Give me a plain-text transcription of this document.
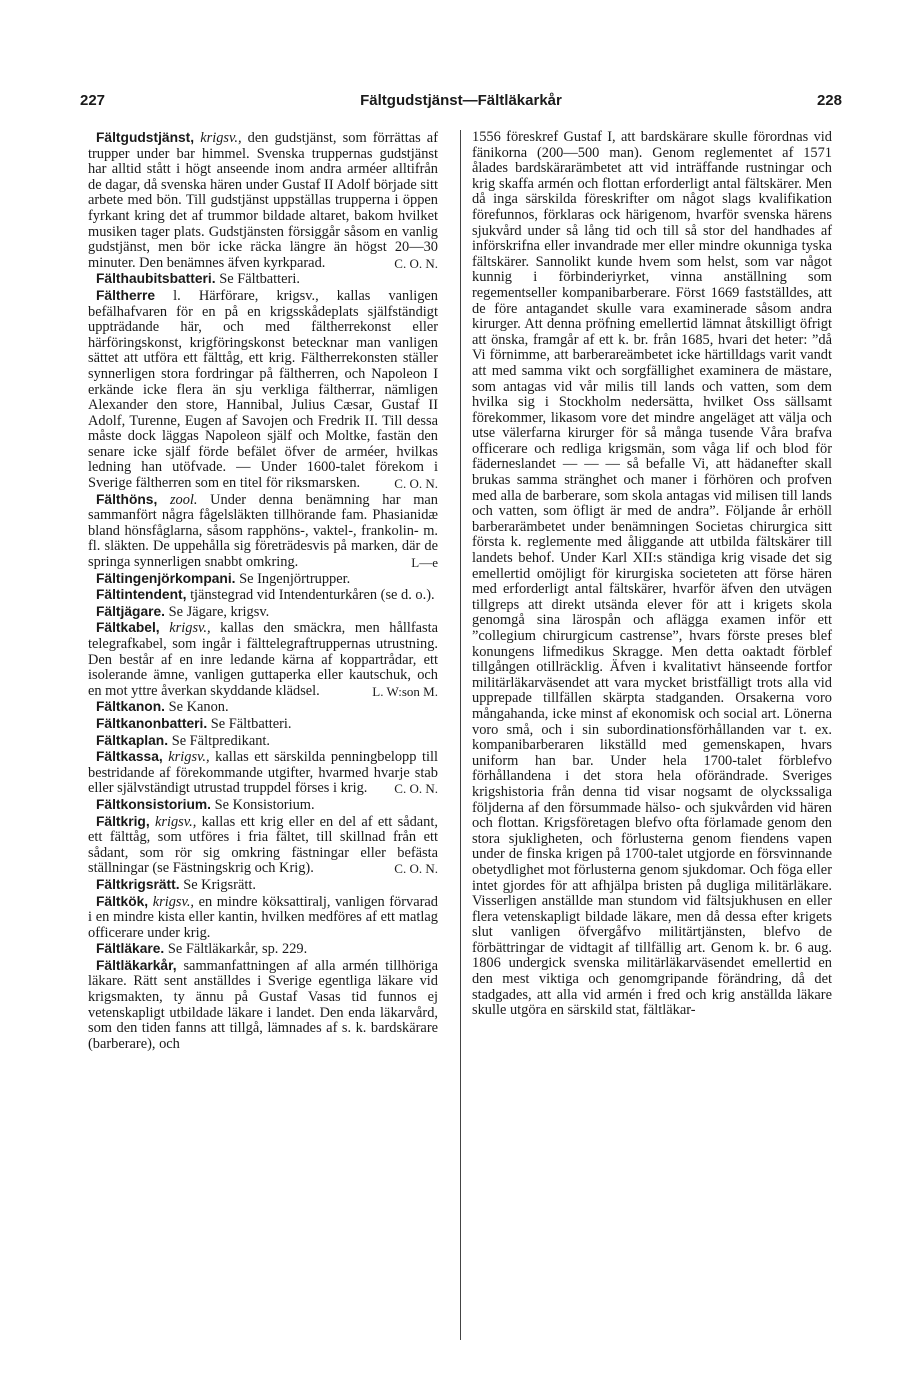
227	Fältgudstjänst—Fältläkarkår	228

Fältgudstjänst, krigsv., den gudstjänst, som förrättas af trupper under bar himmel. Svenska truppernas gudstjänst har alltid stått i högt anseende inom andra arméer alltifrån de dagar, då svenska hären under Gustaf II Adolf började sitt arbete med bön. Till gudstjänst uppställas trupperna i öppen fyrkant kring det af trummor bildade altaret, bakom hvilket musiken tager plats. Gudstjänsten försiggår såsom en vanlig gudstjänst, men bör icke räcka längre än högst 20—30 minuter. Den benämnes äfven kyrkparad.	C. O. N.

Fälthaubitsbatteri. Se Fältbatteri.

Fältherre l. Härförare, krigsv., kallas vanligen befälhafvaren för en på en krigsskådeplats själfständigt uppträdande här, och med fältherrekonst eller härföringskonst, krigföringskonst betecknar man vanligen sättet att utföra ett fälttåg, ett krig. Fältherrekonsten ställer synnerligen stora fordringar på fältherren, och Napoleon I erkände icke flera än sju verkliga fältherrar, nämligen Alexander den store, Hannibal, Julius Cæsar, Gustaf II Adolf, Turenne, Eugen af Savojen och Fredrik II. Till dessa måste dock läggas Napoleon själf och Moltke, fastän den senare icke själf förde befälet öfver de arméer, hvilkas ledning han utöfvade. — Under 1600-talet förekom i Sverige fältherren som en titel för riksmarsken.	C. O. N.

Fälthöns, zool. Under denna benämning har man sammanfört några fågelsläkten tillhörande fam. Phasianidæ bland hönsfåglarna, såsom rapphöns-, vaktel-, frankolin- m. fl. släkten. De uppehålla sig företrädesvis på marken, där de springa synnerligen snabbt omkring.	L—e

Fältingenjörkompani. Se Ingenjörtrupper.

Fältintendent, tjänstegrad vid Intendenturkåren (se d. o.).

Fältjägare. Se Jägare, krigsv.

Fältkabel, krigsv., kallas den smäckra, men hållfasta telegrafkabel, som ingår i fälttelegraftruppernas utrustning. Den består af en inre ledande kärna af koppartrådar, ett isolerande ämne, vanligen guttaperka eller kautschuk, och en mot yttre åverkan skyddande klädsel.	L. W:son M.

Fältkanon. Se Kanon.

Fältkanonbatteri. Se Fältbatteri.

Fältkaplan. Se Fältpredikant.

Fältkassa, krigsv., kallas ett särskilda penningbelopp till bestridande af förekommande utgifter, hvarmed hvarje stab eller självständigt utrustad truppdel förses i krig.	C. O. N.

Fältkonsistorium. Se Konsistorium.

Fältkrig, krigsv., kallas ett krig eller en del af ett sådant, ett fälttåg, som utföres i fria fältet, till skillnad från ett sådant, som rör sig omkring fästningar eller befästa ställningar (se Fästningskrig och Krig).	C. O. N.

Fältkrigsrätt. Se Krigsrätt.

Fältkök, krigsv., en mindre köksattiralj, vanligen förvarad i en mindre kista eller kantin, hvilken medföres af ett matlag officerare under krig.

Fältläkare. Se Fältläkarkår, sp. 229.

Fältläkarkår, sammanfattningen af alla armén tillhöriga läkare. Rätt sent anställdes i Sverige egentliga läkare vid krigsmakten, ty ännu på Gustaf Vasas tid funnos ej vetenskapligt utbildade läkare i landet. Den enda läkarvård, som den tiden fanns att tillgå, lämnades af s. k. bardskärare (barberare), och

1556 föreskref Gustaf I, att bardskärare skulle förordnas vid fänikorna (200—500 man). Genom reglementet af 1571 ålades bardskärarämbetet att vid inträffande rustningar och krig skaffa armén och flottan erforderligt antal fältskärer. Men då inga särskilda föreskrifter om något slags kvalifikation förefunnos, förklaras ock härigenom, hvarför svenska härens sjukvård under så lång tid och till så stor del handhades af införskrifna eller invandrade mer eller mindre okunniga tyska fältskärer. Sannolikt kunde hvem som helst, som var något kunnig i förbinderiyrket, vinna anställning som regementseller kompanibarberare. Först 1669 fastställdes, att de före antagandet skulle vara examinerade såsom andra kirurger. Att denna pröfning emellertid lämnat åtskilligt öfrigt att önska, framgår af ett k. br. från 1685, hvari det heter: ”då Vi förnimme, att barberareämbetet icke härtilldags varit vandt att med samma vikt och sorgfällighet examinera de mästare, som antagas vid vår milis till lands och vatten, som dem hvilka sig i Stockholm nedersätta, hvilket Oss sällsamt förekommer, likasom vore det mindre angeläget att välja och utse välerfarna kirurger för så många tusende Våra brafva officerare och redliga krigsmän, som våga lif och blod för fäderneslandet — — — så befalle Vi, att hädanefter skall brukas samma stränghet och maner i förhören och profven med alla de barberare, som skola antagas vid milisen till lands och vatten, som öfligt är med de andra”. Följande år erhöll barberarämbetet under benämningen Societas chirurgica sitt första k. reglemente med åliggande att utbilda fältskärer till landets behof. Under Karl XII:s ständiga krig visade det sig emellertid omöjligt för kirurgiska societeten att förse hären med erforderligt antal fältskärer, hvarför äfven den utvägen tillgreps att direkt utsända elever för att i krigets skola genomgå sina lärospån och aflägga examen inför ett ”collegium chirurgicum castrense”, hvars förste preses blef konungens lifmedikus Skragge. Men detta oaktadt förblef tillgången otillräcklig. Äfven i kvalitativt hänseende fortfor militärläkarväsendet att vara mycket bristfälligt trots alla vid upprepade tillfällen skärpta stadganden. Orsakerna voro mångahanda, icke minst af ekonomisk och social art. Lönerna voro små, och i sin subordinationsförhållanden var t. ex. kompanibarberaren likställd med gemenskapen, hvars uniform han bar. Under hela 1700-talet förblefvo förhållandena i det stora hela oförändrade. Sveriges krigshistoria från denna tid visar nogsamt de olyckssaliga följderna af den försummade hälso- och sjukvården vid hären och flottan. Krigsföretagen blefvo ofta förlamade genom den stora sjukligheten, och förlusterna genom fiendens vapen under de finska krigen på 1700-talet utgjorde en försvinnande obetydlighet mot förlusterna genom sjukdomar. Och föga eller intet gjordes för att afhjälpa bristen på dugliga militärläkare. Visserligen anställde man stundom vid fältsjukhusen en eller flera vetenskapligt bildade läkare, men då dessa efter krigets slut vanligen öfvergåfvo militärtjänsten, blefvo de förbättringar de vidtagit af tillfällig art. Genom k. br. 6 aug. 1806 undergick svenska militärläkarväsendet emellertid en den mest viktiga och genomgripande förändring, då det stadgades, att alla vid armén i fred och krig anställda läkare skulle utgöra en särskild stat, fältläkar-
